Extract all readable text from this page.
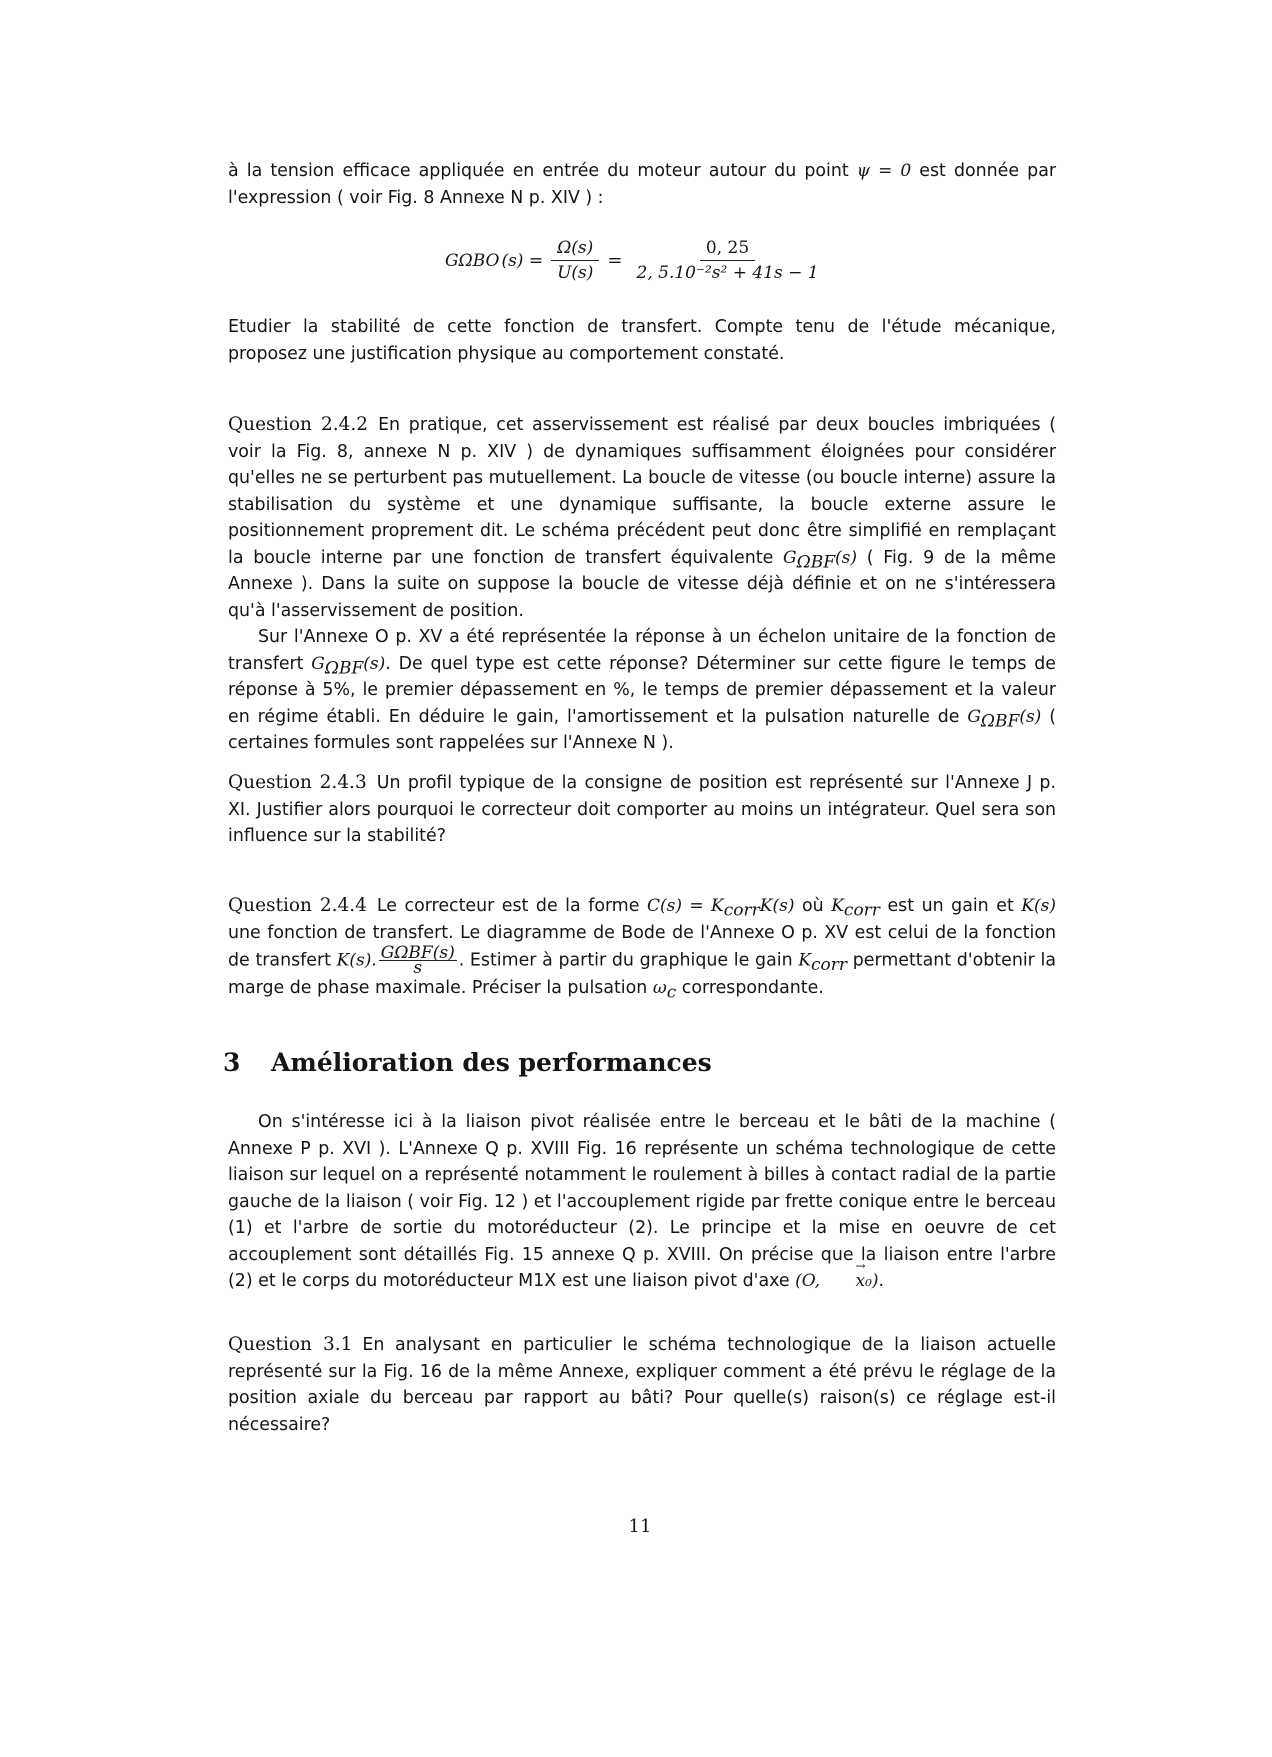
à la tension efficace appliquée en entrée du moteur autour du point ψ = 0 est donnée par l'expression ( voir Fig. 8 Annexe N p. XIV ) :

G ΩBO $(s) = \frac{\Omega(s)}{U(s)} = \frac{0, 25}{\text{2, 5.10⁻²s² + 41s − 1}}$

Etudier la stabilité de cette fonction de transfert. Compte tenu de l'étude mécanique, proposez une justification physique au comportement constaté.

Question 2.4.2 En pratique, cet asservissement est réalisé par deux boucles imbriquées ( voir la Fig. 8, annexe N p. XIV ) de dynamiques suffisamment éloignées pour considérer qu'elles ne se perturbent pas mutuellement. La boucle de vitesse (ou boucle interne) assure la stabilisation du système et une dynamique suffisante, la boucle externe assure le positionnement proprement dit. Le schéma précédent peut donc être simplifié en remplaçant la boucle interne par une fonction de transfert équivalente $G_{\Omega BF}(s)$ ( Fig. 9 de la même Annexe ). Dans la suite on suppose la boucle de vitesse déjà définie et on ne s'intéressera qu'à l'asservissement de position.

Sur l'Annexe O p. XV a été représentée la réponse à un échelon unitaire de la fonction de transfert $G_{\Omega BF}(s)$. De quel type est cette réponse? Déterminer sur cette figure le temps de réponse à 5%, le premier dépassement en %, le temps de premier dépassement et la valeur en régime établi. En déduire le gain, l'amortissement et la pulsation naturelle de $G_{\Omega BF}(s)$ ( certaines formules sont rappelées sur l'Annexe N ).

Question 2.4.3 Un profil typique de la consigne de position est représenté sur l'Annexe J p. XI. Justifier alors pourquoi le correcteur doit comporter au moins un intégrateur. Quel sera son influence sur la stabilité?

Question 2.4.4 Le correcteur est de la forme $C(s) = K_{corr}K(s)$ où $K_{corr}$ est un gain et K(s) une fonction de transfert. Le diagramme de Bode de l'Annexe O p. XV est celui de la fonction de transfert K(s). $\frac{\text{GΩBF(s)}}{s}$ . Estimer à partir du graphique le gain $K_{corr}$ permettant d'obtenir la marge de phase maximale. Préciser la pulsation $\omega_c$ correspondante.

3 Amélioration des performances

On s'intéresse ici à la liaison pivot réalisée entre le berceau et le bâti de la machine ( Annexe P p. XVI ). L'Annexe Q p. XVIII Fig. 16 représente un schéma technologique de cette liaison sur lequel on a représenté notamment le roulement à billes à contact radial de la partie gauche de la liaison ( voir Fig. 12 ) et l'accouplement rigide par frette conique entre le berceau (1) et l'arbre de sortie du motoréducteur (2). Le principe et la mise en oeuvre de cet accouplement sont détaillés Fig. 15 annexe Q p. XVIII. On précise que la liaison entre l'arbre (2) et le corps du motoréducteur M1X est une liaison pivot d'axe (O, → x₀).

Question 3.1 En analysant en particulier le schéma technologique de la liaison actuelle représenté sur la Fig. 16 de la même Annexe, expliquer comment a été prévu le réglage de la position axiale du berceau par rapport au bâti? Pour quelle(s) raison(s) ce réglage est-il nécessaire?

11
